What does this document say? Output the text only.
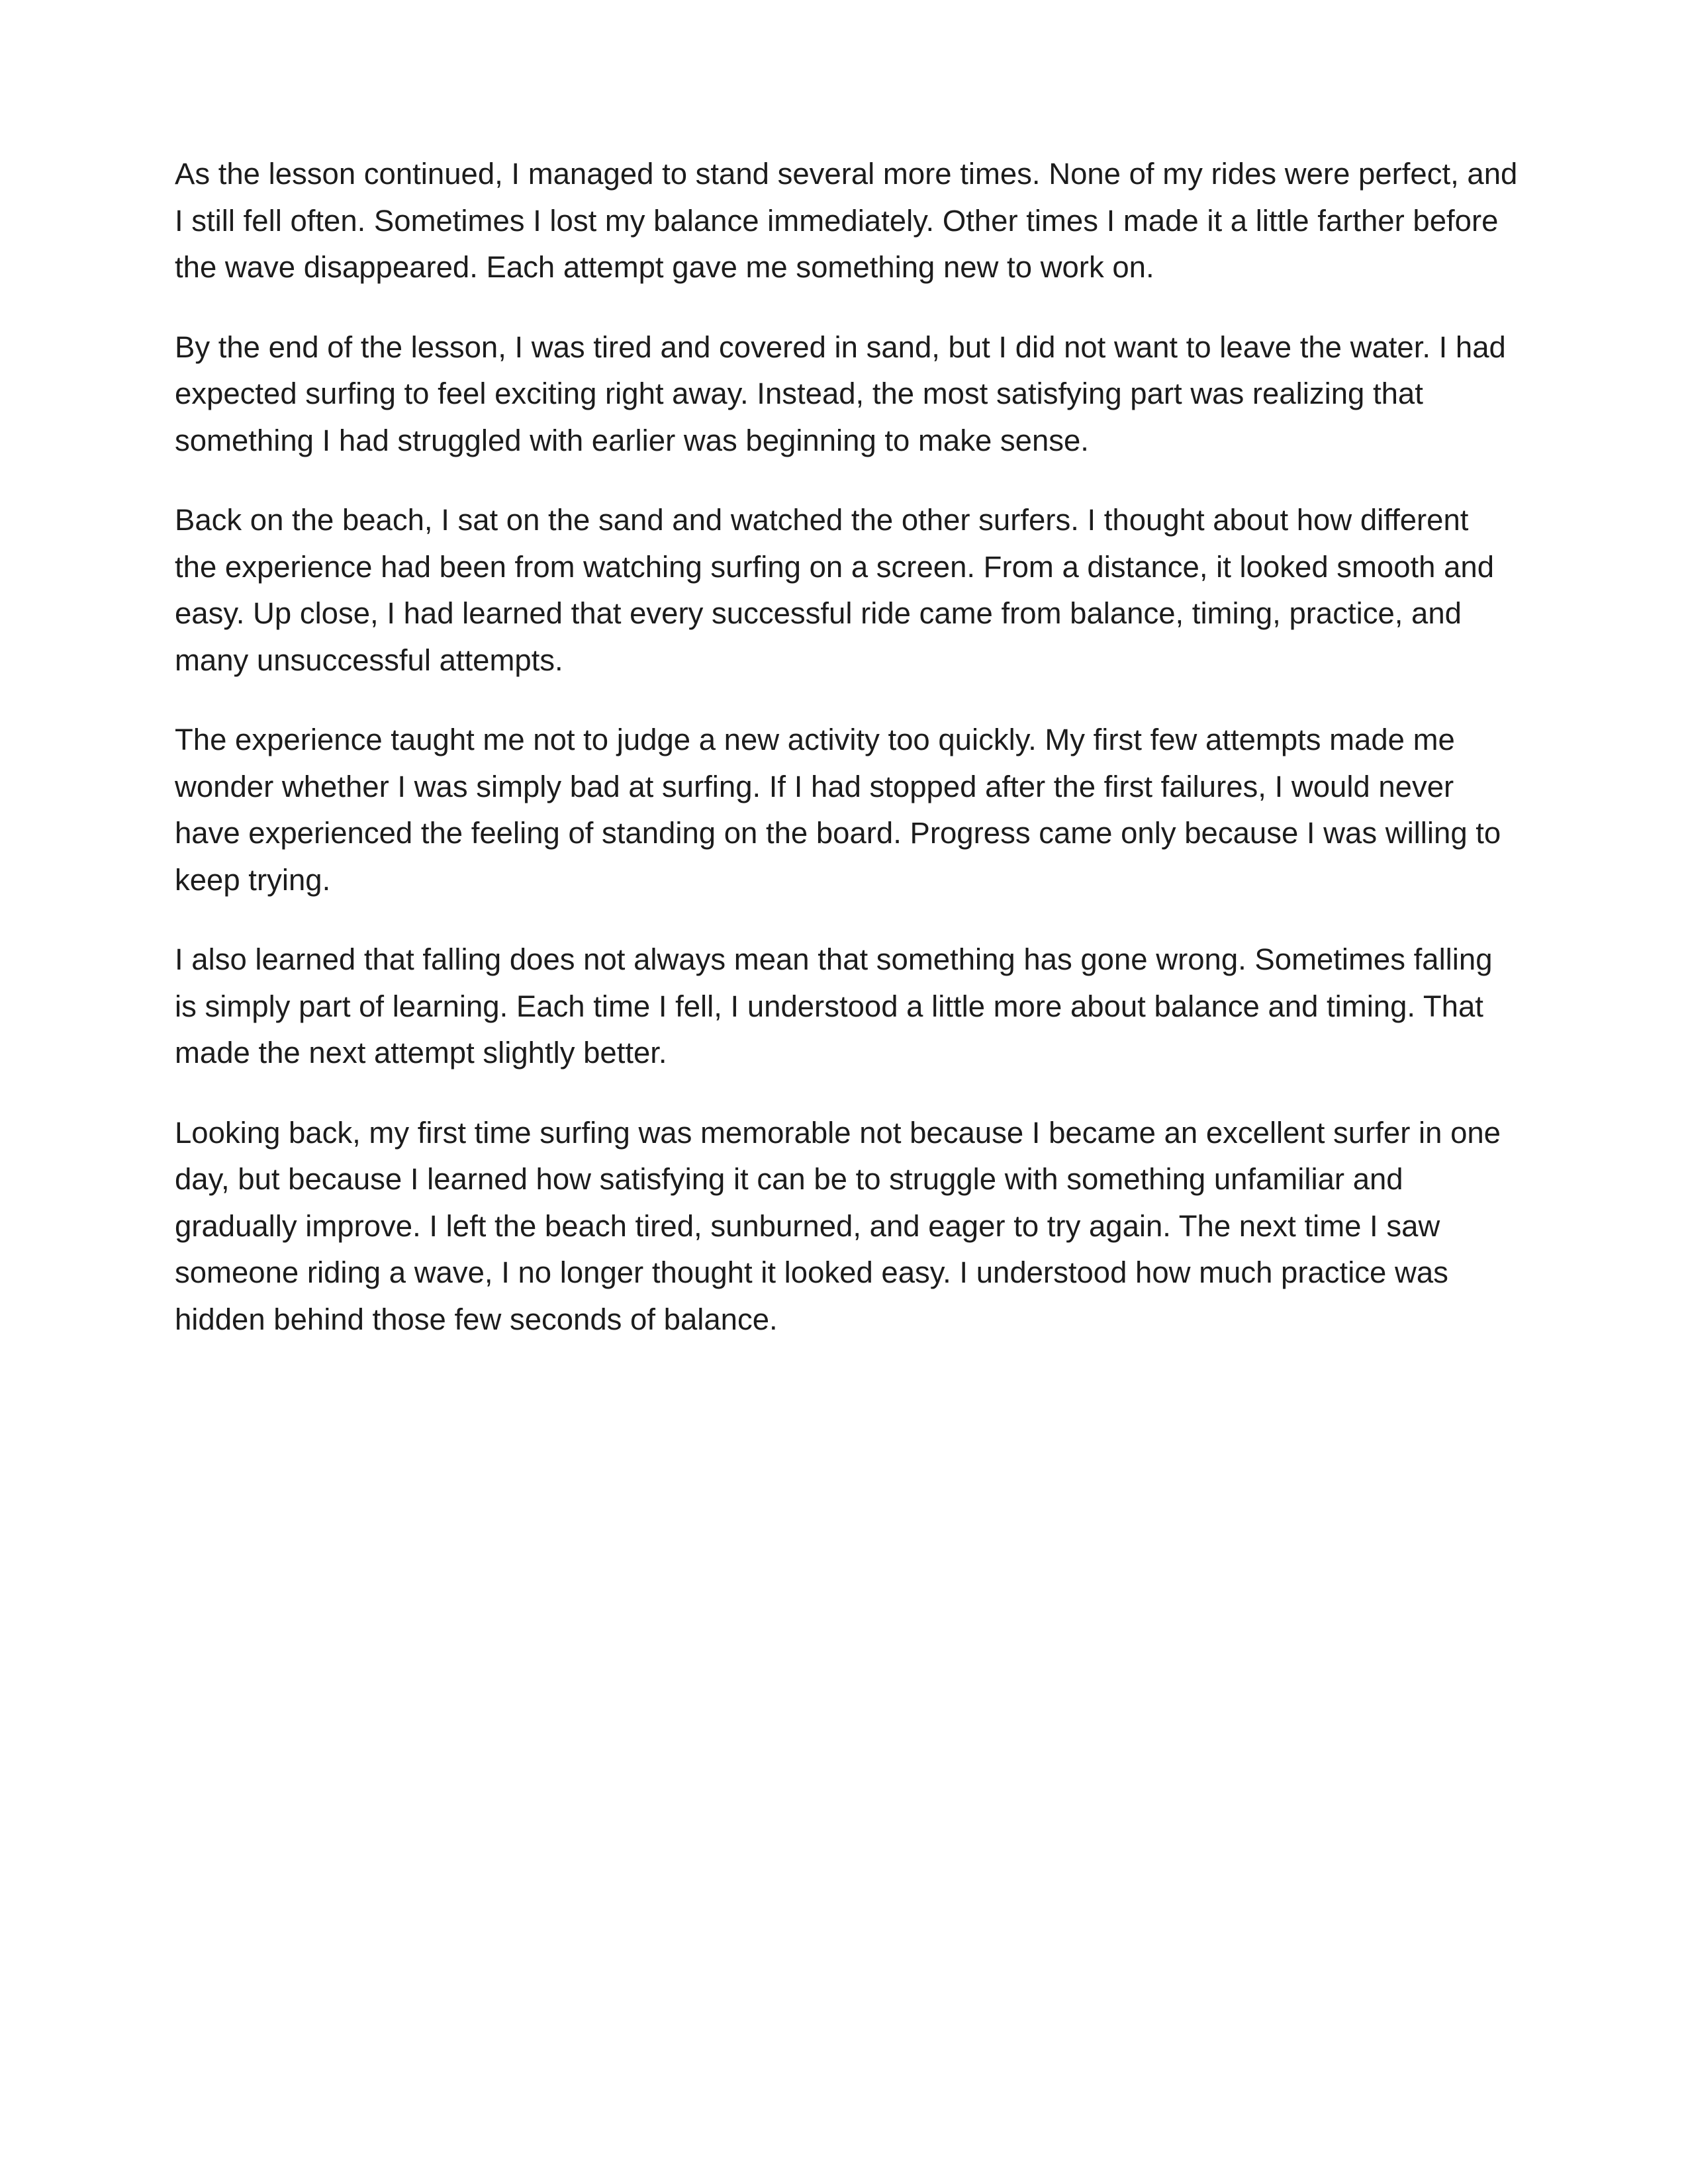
As the lesson continued, I managed to stand several more times. None of my rides were perfect, and I still fell often. Sometimes I lost my balance immediately. Other times I made it a little farther before the wave disappeared. Each attempt gave me something new to work on.

By the end of the lesson, I was tired and covered in sand, but I did not want to leave the water. I had expected surfing to feel exciting right away. Instead, the most satisfying part was realizing that something I had struggled with earlier was beginning to make sense.

Back on the beach, I sat on the sand and watched the other surfers. I thought about how different the experience had been from watching surfing on a screen. From a distance, it looked smooth and easy. Up close, I had learned that every successful ride came from balance, timing, practice, and many unsuccessful attempts.

The experience taught me not to judge a new activity too quickly. My first few attempts made me wonder whether I was simply bad at surfing. If I had stopped after the first failures, I would never have experienced the feeling of standing on the board. Progress came only because I was willing to keep trying.

I also learned that falling does not always mean that something has gone wrong. Sometimes falling is simply part of learning. Each time I fell, I understood a little more about balance and timing. That made the next attempt slightly better.

Looking back, my first time surfing was memorable not because I became an excellent surfer in one day, but because I learned how satisfying it can be to struggle with something unfamiliar and gradually improve. I left the beach tired, sunburned, and eager to try again. The next time I saw someone riding a wave, I no longer thought it looked easy. I understood how much practice was hidden behind those few seconds of balance.
